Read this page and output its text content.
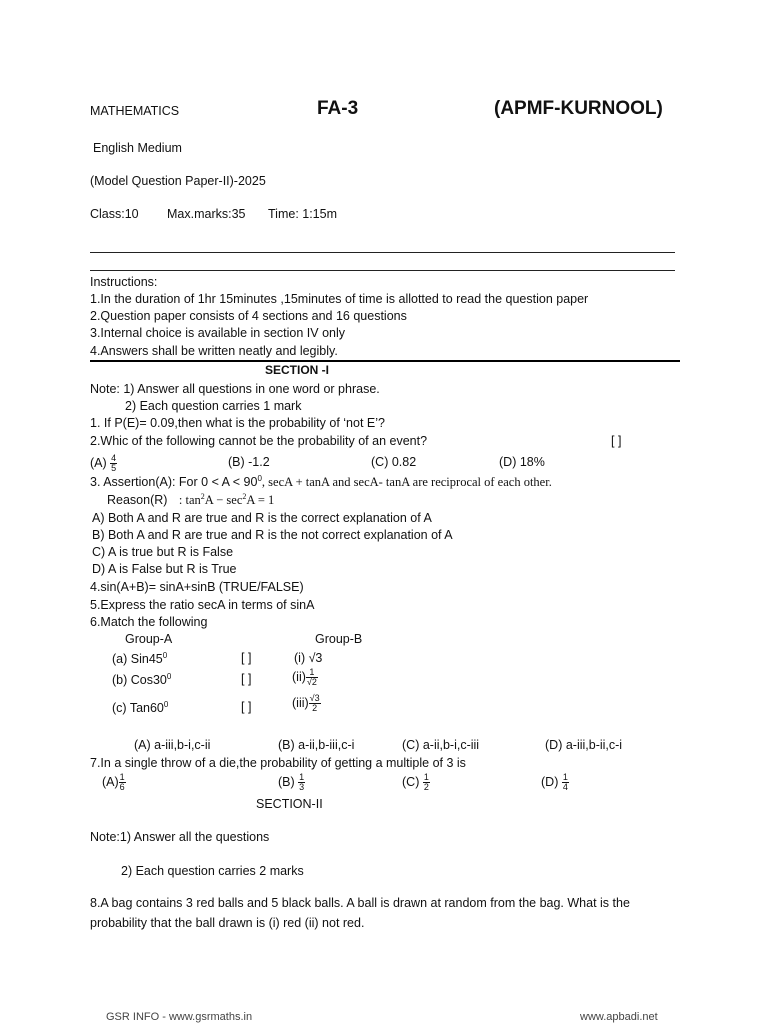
MATHEMATICS	FA-3	(APMF-KURNOOL)
English Medium
(Model Question Paper-II)-2025
Class:10 Max.marks:35 Time: 1:15m
Instructions:
1.In the duration of 1hr 15minutes ,15minutes of time is allotted to read the question paper
2.Question paper consists of 4 sections and 16 questions
3.Internal choice is available in section IV only
4.Answers shall be written neatly and legibly.
SECTION -I
Note: 1) Answer all questions in one word or phrase.
2) Each question carries 1 mark
1. If P(E)= 0.09,then what is the probability of ‘not E’?
2.Whic of the following cannot be the probability of an event?	[ ]
$(A) \frac{4}{5}$	(B) -1.2	(C) 0.82	(D) 18%
3. Assertion(A): For $0 < A < 90^0$, secA + tanA and secA- tanA are reciprocal of each other.
Reason(R) : $\tan^2A - \sec^2A = 1$
A) Both A and R are true and R is the correct explanation of A
B) Both A and R are true and R is the not correct explanation of A
C) A is true but R is False
D) A is False but R is True
4.sin(A+B)= sinA+sinB (TRUE/FALSE)
5.Express the ratio secA in terms of sinA
6.Match the following
Group-A	Group-B
(a) $Sin45^0$	[ ]	(i) √3
(b) $Cos30^0$	[ ]	$(ii) \frac{1}{√2}$
(c) $Tan60^0$	[ ]	$(iii) \frac{√3}{2}$
(A) a-iii,b-i,c-ii	(B) a-ii,b-iii,c-i	(C) a-ii,b-i,c-iii	(D) a-iii,b-ii,c-i
7.In a single throw of a die,the probability of getting a multiple of 3 is
$(A) \frac{1}{6}$	$(B) \frac{1}{3}$	$(C) \frac{1}{2}$	$(D) \frac{1}{4}$
SECTION-II
Note:1) Answer all the questions
2) Each question carries 2 marks
8.A bag contains 3 red balls and 5 black balls. A ball is drawn at random from the bag. What is the
probability that the ball drawn is (i) red (ii) not red.
GSR INFO - www.gsrmaths.in	www.apbadi.net
